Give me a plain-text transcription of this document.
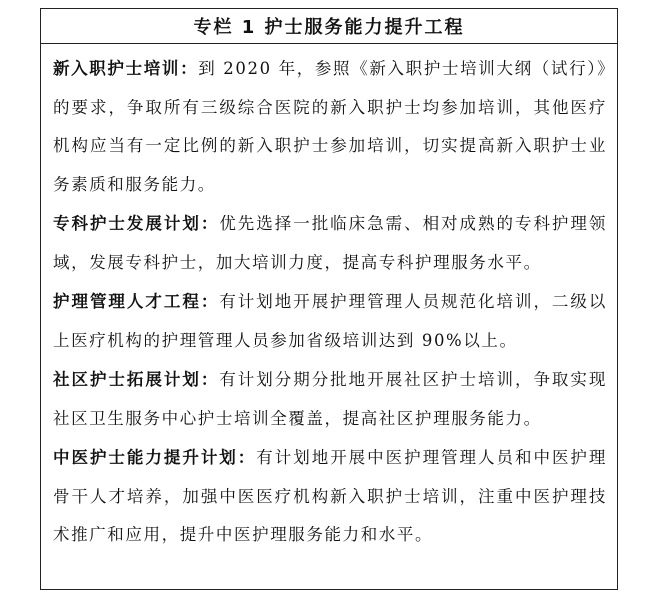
专栏 1 护士服务能力提升工程

新入职护士培训：到 2020 年，参照《新入职护士培训大纲（试行）》的要求，争取所有三级综合医院的新入职护士均参加培训，其他医疗机构应当有一定比例的新入职护士参加培训，切实提高新入职护士业务素质和服务能力。

专科护士发展计划：优先选择一批临床急需、相对成熟的专科护理领域，发展专科护士，加大培训力度，提高专科护理服务水平。

护理管理人才工程：有计划地开展护理管理人员规范化培训，二级以上医疗机构的护理管理人员参加省级培训达到 90%以上。

社区护士拓展计划：有计划分期分批地开展社区护士培训，争取实现社区卫生服务中心护士培训全覆盖，提高社区护理服务能力。

中医护士能力提升计划：有计划地开展中医护理管理人员和中医护理骨干人才培养，加强中医医疗机构新入职护士培训，注重中医护理技术推广和应用，提升中医护理服务能力和水平。
